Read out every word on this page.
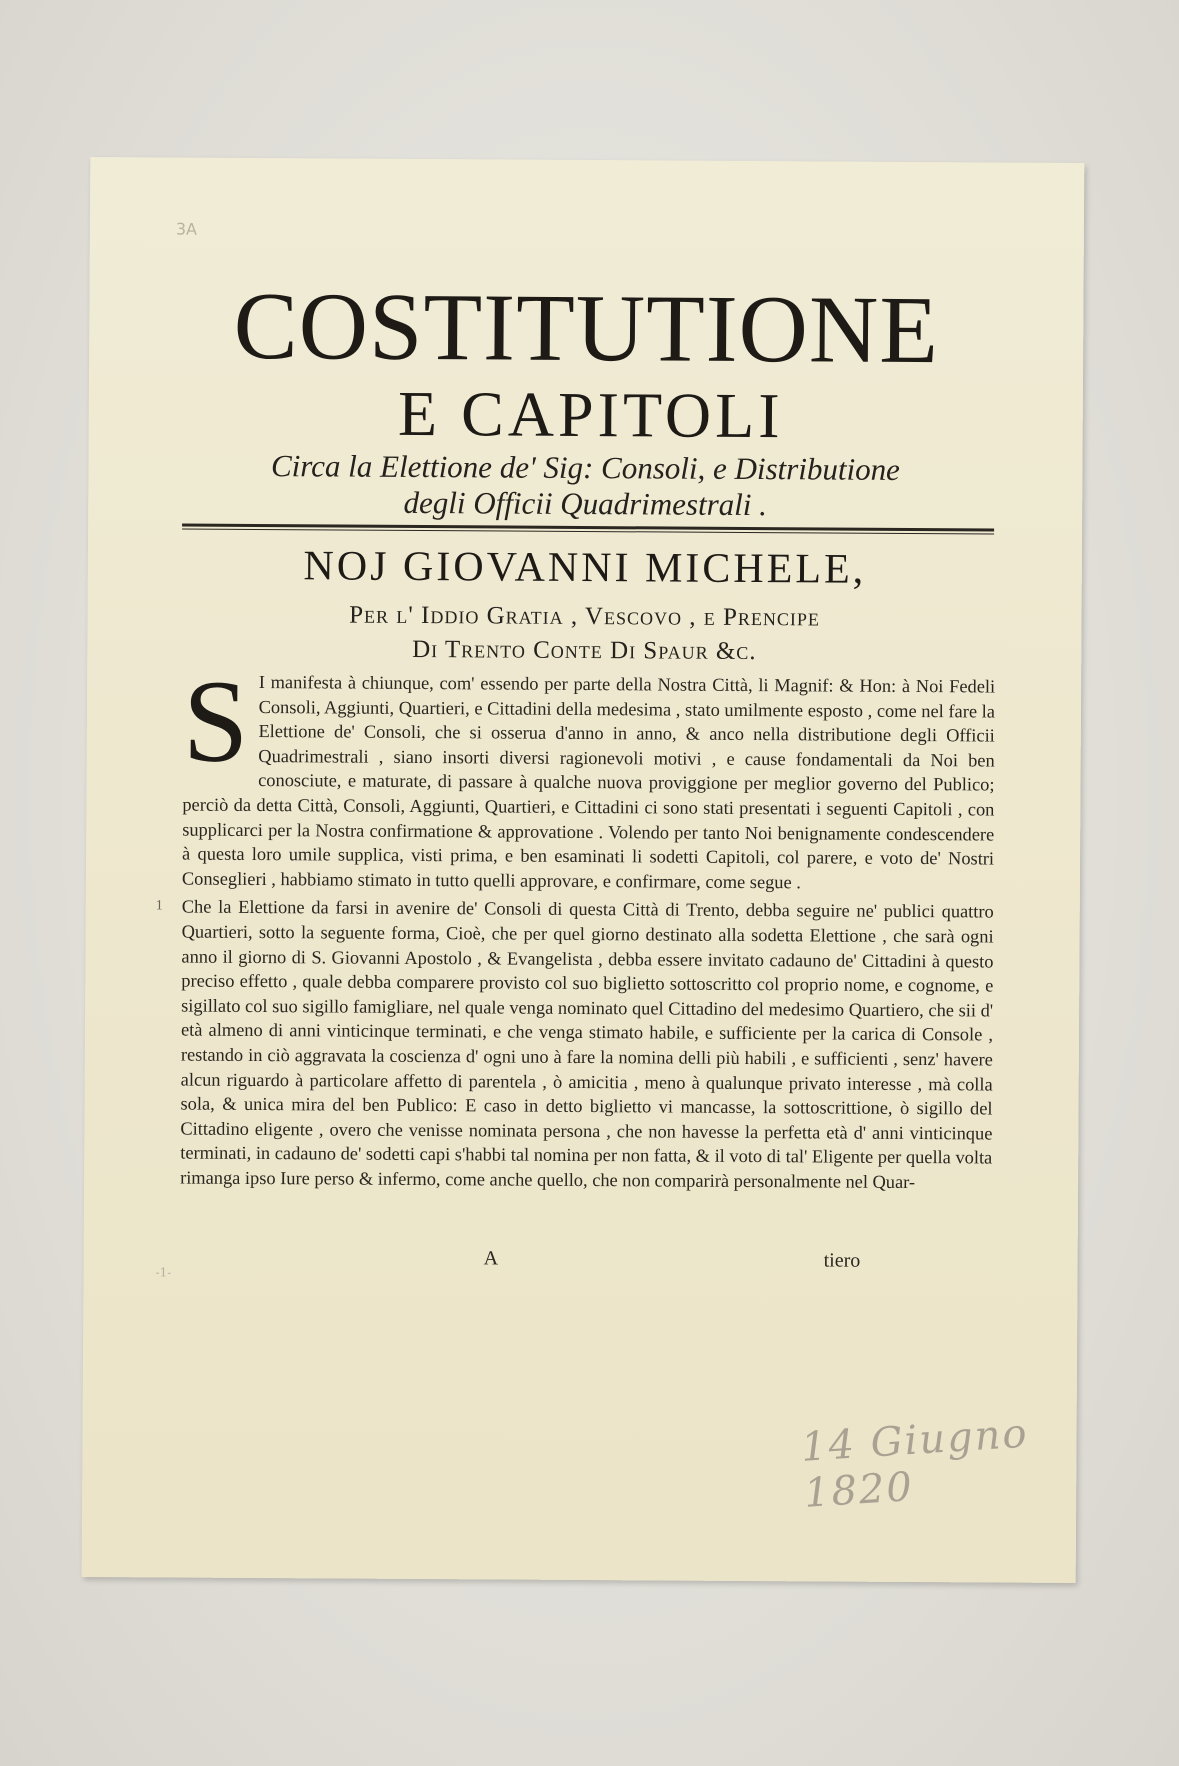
3A
COSTITUTIONE
E CAPITOLI
Circa la Elettione de' Sig: Consoli, e Distributione
degli Officii Quadrimestrali .
NOJ GIOVANNI MICHELE,
Per l' Iddio Gratia , Vescovo , e Prencipe
Di Trento Conte Di Spaur &c.

S I manifesta à chiunque, com' essendo per parte della Nostra Città, li Magnif: & Hon: à Noi Fedeli Consoli, Aggiunti, Quartieri, e Cittadini della medesima , stato umilmente esposto , come nel fare la Elettione de' Consoli, che si osserua d'anno in anno, & anco nella distributione degli Officii Quadrimestrali , siano insorti diversi ragionevoli motivi , e cause fondamentali da Noi ben conosciute, e maturate, di passare à qualche nuova proviggione per meglior governo del Publico; perciò da detta Città, Consoli, Aggiunti, Quartieri, e Cittadini ci sono stati presentati i seguenti Capitoli , con supplicarci per la Nostra confirmatione & approvatione . Volendo per tanto Noi benignamente condescendere à questa loro umile supplica, visti prima, e ben esaminati li sodetti Capitoli, col parere, e voto de' Nostri Conseglieri , habbiamo stimato in tutto quelli approvare, e confirmare, come segue .

1 Che la Elettione da farsi in avenire de' Consoli di questa Città di Trento, debba seguire ne' publici quattro Quartieri, sotto la seguente forma, Cioè, che per quel giorno destinato alla sodetta Elettione , che sarà ogni anno il giorno di S. Giovanni Apostolo , & Evangelista , debba essere invitato cadauno de' Cittadini à questo preciso effetto , quale debba comparere provisto col suo biglietto sottoscritto col proprio nome, e cognome, e sigillato col suo sigillo famigliare, nel quale venga nominato quel Cittadino del medesimo Quartiero, che sii d' età almeno di anni vinticinque terminati, e che venga stimato habile, e sufficiente per la carica di Console , restando in ciò aggravata la coscienza d' ogni uno à fare la nomina delli più habili , e sufficienti , senz' havere alcun riguardo à particolare affetto di parentela , ò amicitia , meno à qualunque privato interesse , mà colla sola, & unica mira del ben Publico: E caso in detto biglietto vi mancasse, la sottoscrittione, ò sigillo del Cittadino eligente , overo che venisse nominata persona , che non havesse la perfetta età d' anni vinticinque terminati, in cadauno de' sodetti capi s'habbi tal nomina per non fatta, & il voto di tal' Eligente per quella volta rimanga ipso Iure perso & infermo, come anche quello, che non comparirà personalmente nel Quar-

A	tiero
-1-
14 Giugno 1820
